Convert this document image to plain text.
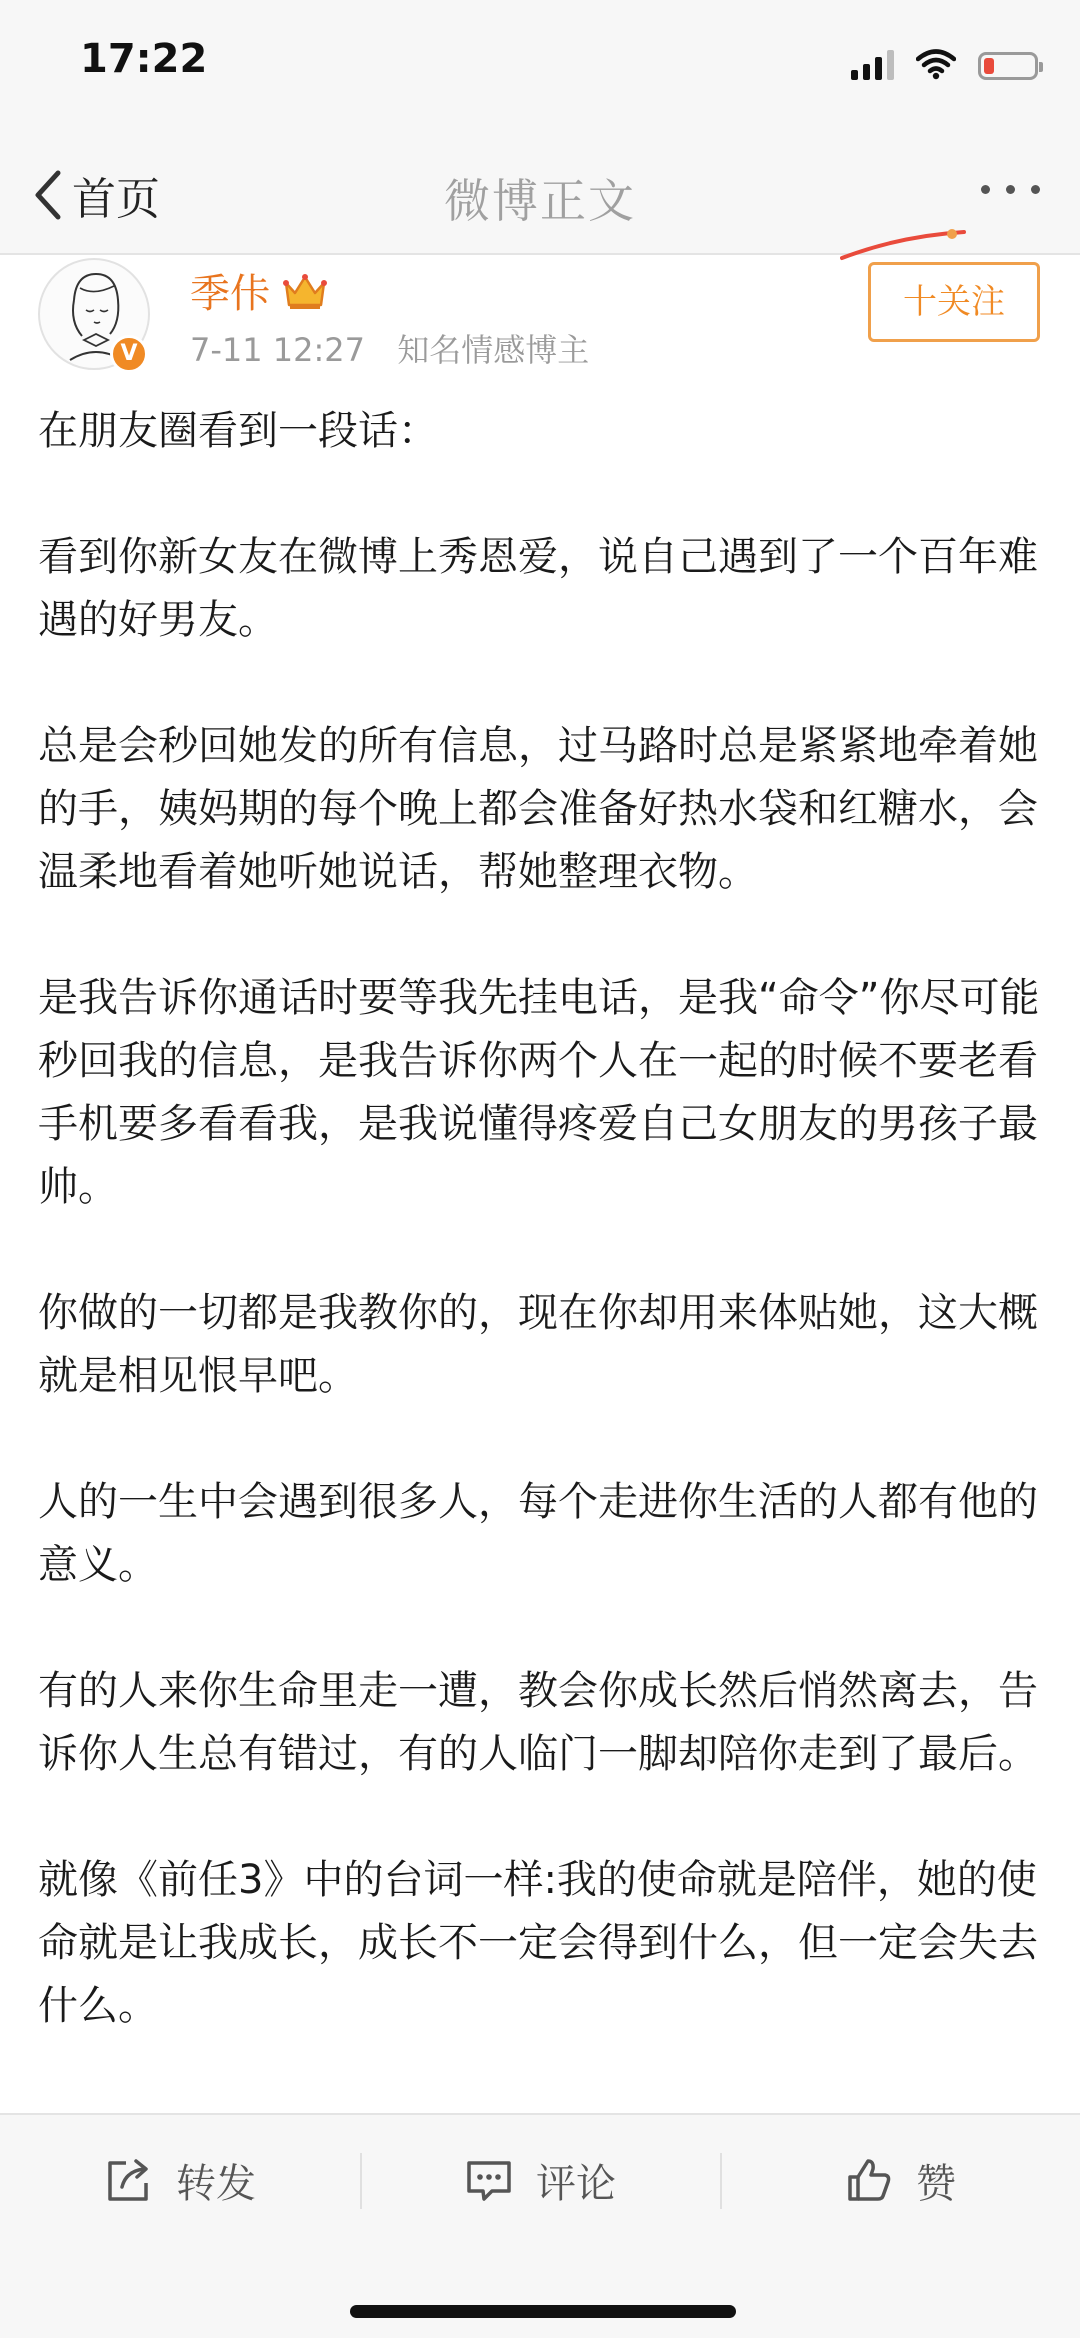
17:22
首页	微博正文
V
季佧
7-11 12:27 知名情感博主
十关注

在朋友圈看到一段话：

看到你新女友在微博上秀恩爱，说自己遇到了一个百年难遇的好男友。

总是会秒回她发的所有信息，过马路时总是紧紧地牵着她的手，姨妈期的每个晚上都会准备好热水袋和红糖水，会温柔地看着她听她说话，帮她整理衣物。

是我告诉你通话时要等我先挂电话，是我“命令”你尽可能秒回我的信息，是我告诉你两个人在一起的时候不要老看手机要多看看我，是我说懂得疼爱自己女朋友的男孩子最帅。

你做的一切都是我教你的，现在你却用来体贴她，这大概就是相见恨早吧。

人的一生中会遇到很多人，每个走进你生活的人都有他的意义。

有的人来你生命里走一遭，教会你成长然后悄然离去，告诉你人生总有错过，有的人临门一脚却陪你走到了最后。

就像《前任3》中的台词一样:我的使命就是陪伴，她的使命就是让我成长，成长不一定会得到什么，但一定会失去什么。

转发	评论	赞
